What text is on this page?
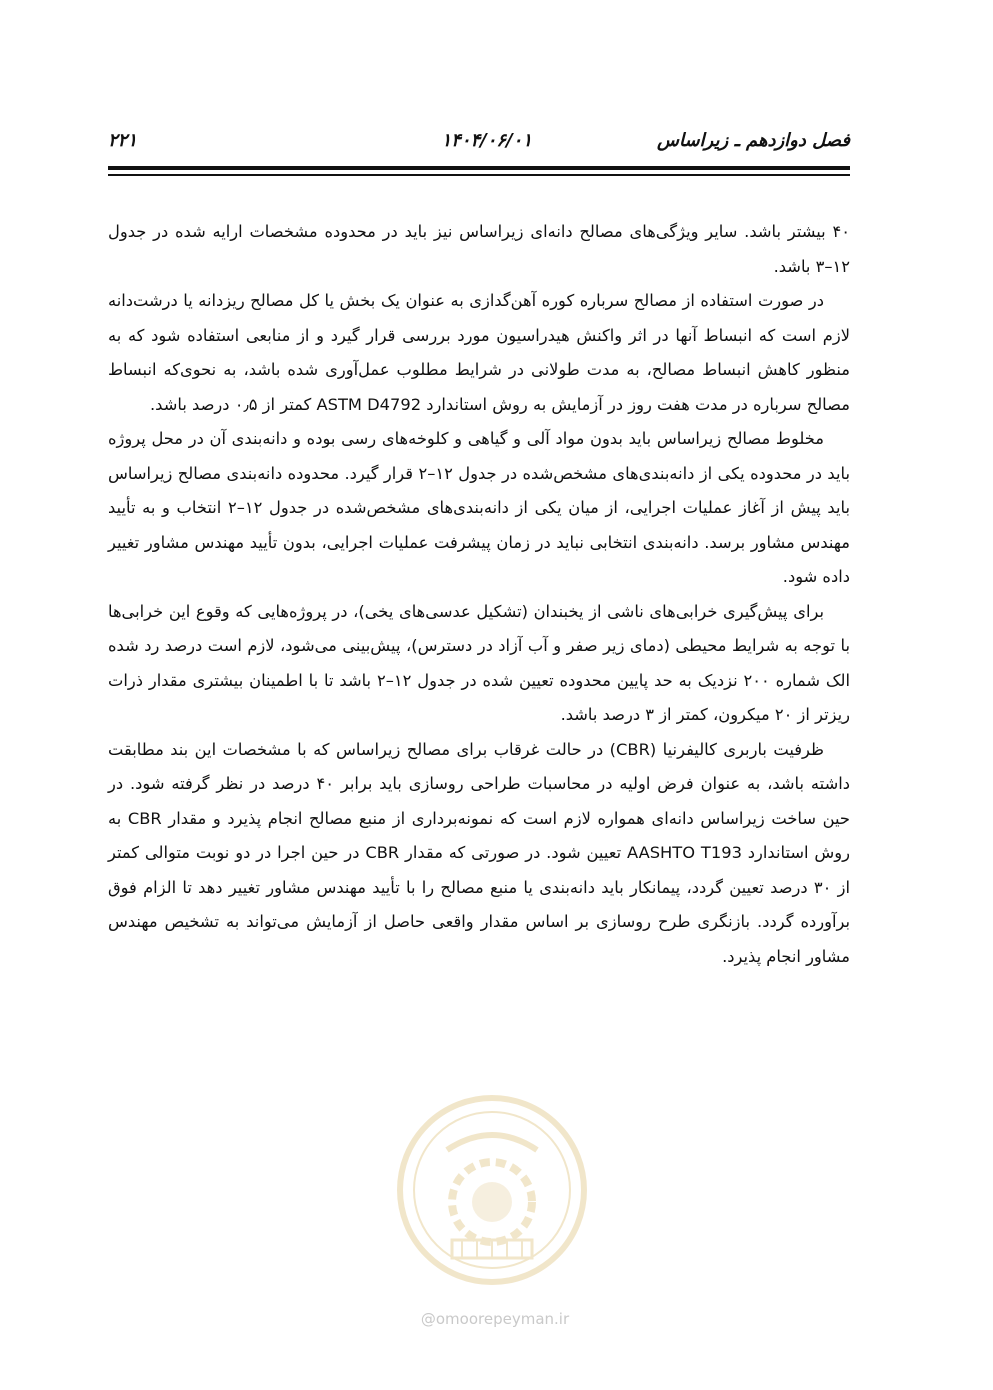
فصل دوازدهم ـ زیراساس
۱۴۰۴/۰۶/۰۱
۲۲۱

۴۰ بیشتر باشد. سایر ویژگی‌های مصالح دانه‌ای زیراساس نیز باید در محدوده مشخصات ارایه شده در جدول ۱۲–۳ باشد.

در صورت استفاده از مصالح سرباره کوره آهن‌گدازی به عنوان یک بخش یا کل مصالح ریزدانه یا درشت‌دانه لازم است که انبساط آنها در اثر واکنش هیدراسیون مورد بررسی قرار گیرد و از منابعی استفاده شود که به منظور کاهش انبساط مصالح، به مدت طولانی در شرایط مطلوب عمل‌آوری شده باشد، به نحوی‌که انبساط مصالح سرباره در مدت هفت روز در آزمایش به روش استاندارد ASTM D4792 کمتر از ۰٫۵ درصد باشد.

مخلوط مصالح زیراساس باید بدون مواد آلی و گیاهی و کلوخه‌های رسی بوده و دانه‌بندی آن در محل پروژه باید در محدوده یکی از دانه‌بندی‌های مشخص‌شده در جدول ۱۲–۲ قرار گیرد. محدوده دانه‌بندی مصالح زیراساس باید پیش از آغاز عملیات اجرایی، از میان یکی از دانه‌بندی‌های مشخص‌شده در جدول ۱۲–۲ انتخاب و به تأیید مهندس مشاور برسد. دانه‌بندی انتخابی نباید در زمان پیشرفت عملیات اجرایی، بدون تأیید مهندس مشاور تغییر داده شود.

برای پیش‌گیری خرابی‌های ناشی از یخبندان (تشکیل عدسی‌های یخی)، در پروژه‌هایی که وقوع این خرابی‌ها با توجه به شرایط محیطی (دمای زیر صفر و آب آزاد در دسترس)، پیش‌بینی می‌شود، لازم است درصد رد شده الک شماره ۲۰۰ نزدیک به حد پایین محدوده تعیین شده در جدول ۱۲–۲ باشد تا با اطمینان بیشتری مقدار ذرات ریزتر از ۲۰ میکرون، کمتر از ۳ درصد باشد.

ظرفیت باربری کالیفرنیا (CBR) در حالت غرقاب برای مصالح زیراساس که با مشخصات این بند مطابقت داشته باشد، به عنوان فرض اولیه در محاسبات طراحی روسازی باید برابر ۴۰ درصد در نظر گرفته شود. در حین ساخت زیراساس دانه‌ای همواره لازم است که نمونه‌برداری از منبع مصالح انجام پذیرد و مقدار CBR به روش استاندارد AASHTO T193 تعیین شود. در صورتی که مقدار CBR در حین اجرا در دو نوبت متوالی کمتر از ۳۰ درصد تعیین گردد، پیمانکار باید دانه‌بندی یا منبع مصالح را با تأیید مهندس مشاور تغییر دهد تا الزام فوق برآورده گردد. بازنگری طرح روسازی بر اساس مقدار واقعی حاصل از آزمایش می‌تواند به تشخیص مهندس مشاور انجام پذیرد.

@omoorepeyman.ir
